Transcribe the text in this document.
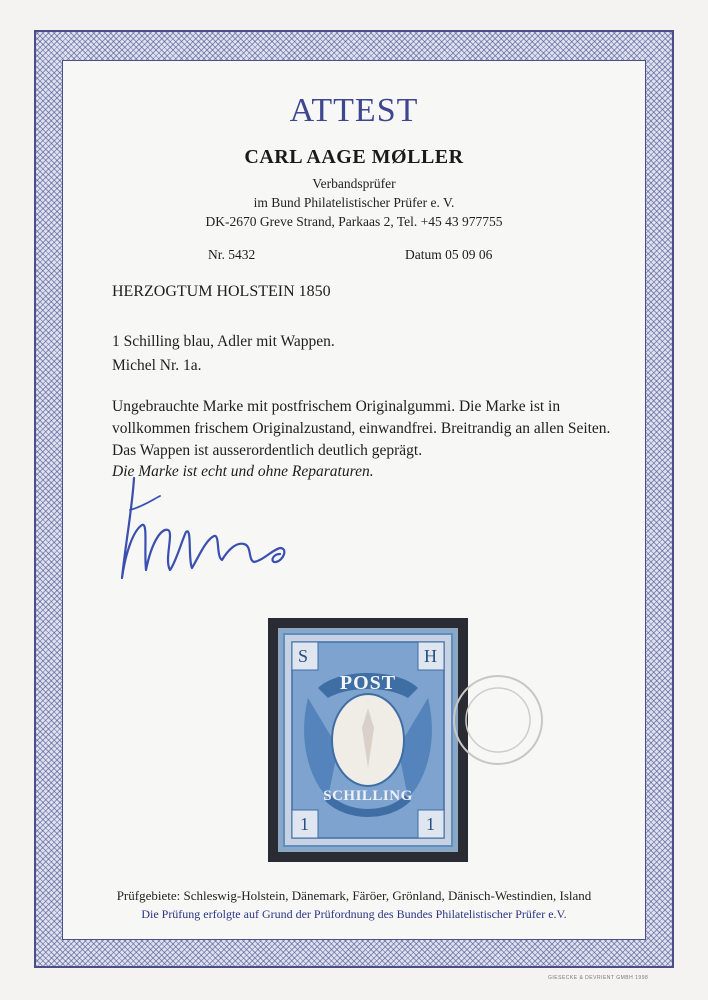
ATTEST
CARL AAGE MØLLER
Verbandsprüfer
im Bund Philatelistischer Prüfer e. V.
DK-2670 Greve Strand, Parkaas 2, Tel. +45 43 977755
Nr. 5432	Datum 05 09 06
HERZOGTUM HOLSTEIN 1850
1 Schilling blau, Adler mit Wappen.
Michel Nr. 1a.
Ungebrauchte Marke mit postfrischem Originalgummi. Die Marke ist in
vollkommen frischem Originalzustand, einwandfrei. Breitrandig an allen Seiten.
Das Wappen ist ausserordentlich deutlich geprägt.
Die Marke ist echt und ohne Reparaturen.
S	H
POST
SCHILLING
1	1
Prüfgebiete: Schleswig-Holstein, Dänemark, Färöer, Grönland, Dänisch-Westindien, Island
Die Prüfung erfolgte auf Grund der Prüfordnung des Bundes Philatelistischer Prüfer e.V.
GIESECKE & DEVRIENT GMBH 1998
